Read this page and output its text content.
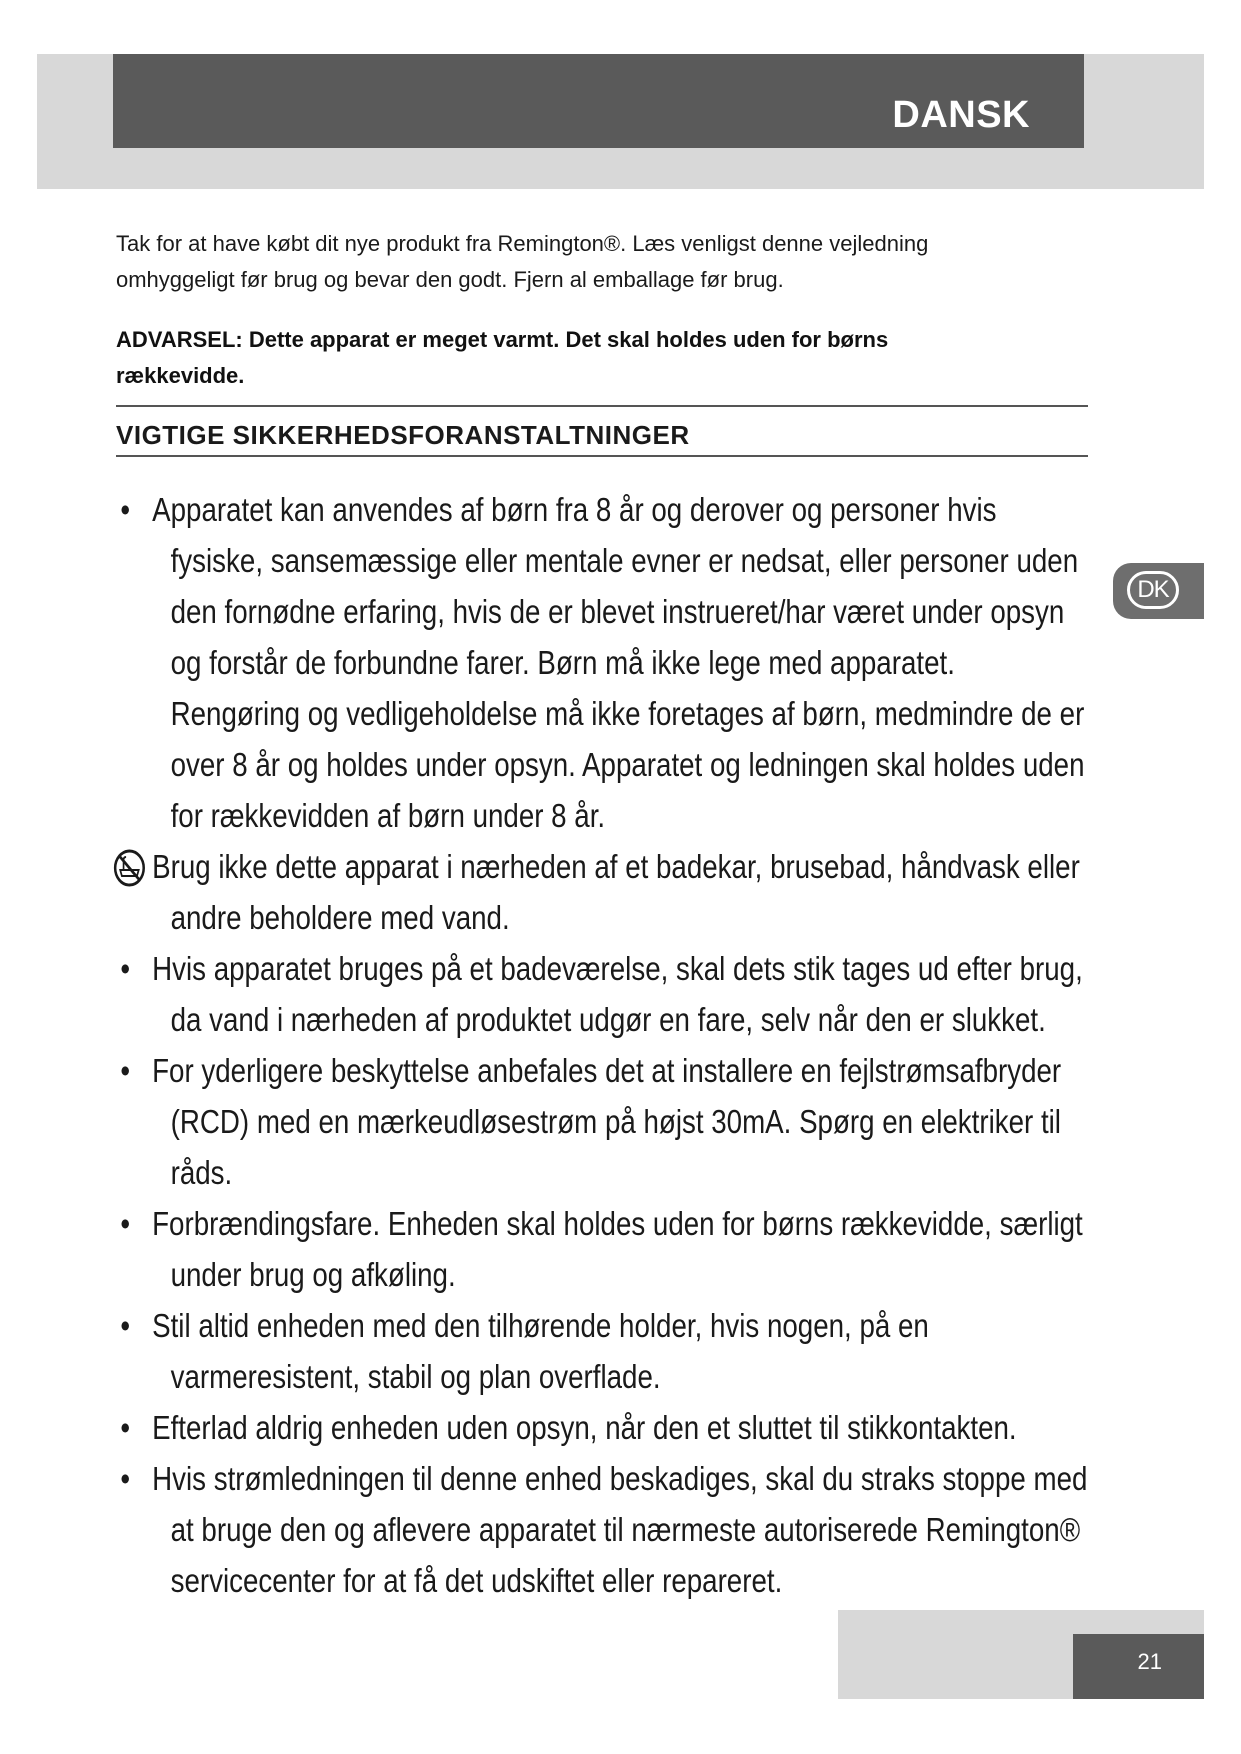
DANSK
Tak for at have købt dit nye produkt fra Remington®. Læs venligst denne vejledning omhyggeligt før brug og bevar den godt. Fjern al emballage før brug.
ADVARSEL: Dette apparat er meget varmt. Det skal holdes uden for børns rækkevidde.
VIGTIGE SIKKERHEDSFORANSTALTNINGER
DK
• Apparatet kan anvendes af børn fra 8 år og derover og personer hvis fysiske, sansemæssige eller mentale evner er nedsat, eller personer uden den fornødne erfaring, hvis de er blevet instrueret/har været under opsyn og forstår de forbundne farer. Børn må ikke lege med apparatet. Rengøring og vedligeholdelse må ikke foretages af børn, medmindre de er over 8 år og holdes under opsyn. Apparatet og ledningen skal holdes uden for rækkevidden af børn under 8 år.
Brug ikke dette apparat i nærheden af et badekar, brusebad, håndvask eller andre beholdere med vand.
• Hvis apparatet bruges på et badeværelse, skal dets stik tages ud efter brug, da vand i nærheden af produktet udgør en fare, selv når den er slukket.
• For yderligere beskyttelse anbefales det at installere en fejlstrømsafbryder (RCD) med en mærkeudløsestrøm på højst 30mA. Spørg en elektriker til råds.
• Forbrændingsfare. Enheden skal holdes uden for børns rækkevidde, særligt under brug og afkøling.
• Stil altid enheden med den tilhørende holder, hvis nogen, på en varmeresistent, stabil og plan overflade.
• Efterlad aldrig enheden uden opsyn, når den et sluttet til stikkontakten.
• Hvis strømledningen til denne enhed beskadiges, skal du straks stoppe med at bruge den og aflevere apparatet til nærmeste autoriserede Remington® servicecenter for at få det udskiftet eller repareret.
21
